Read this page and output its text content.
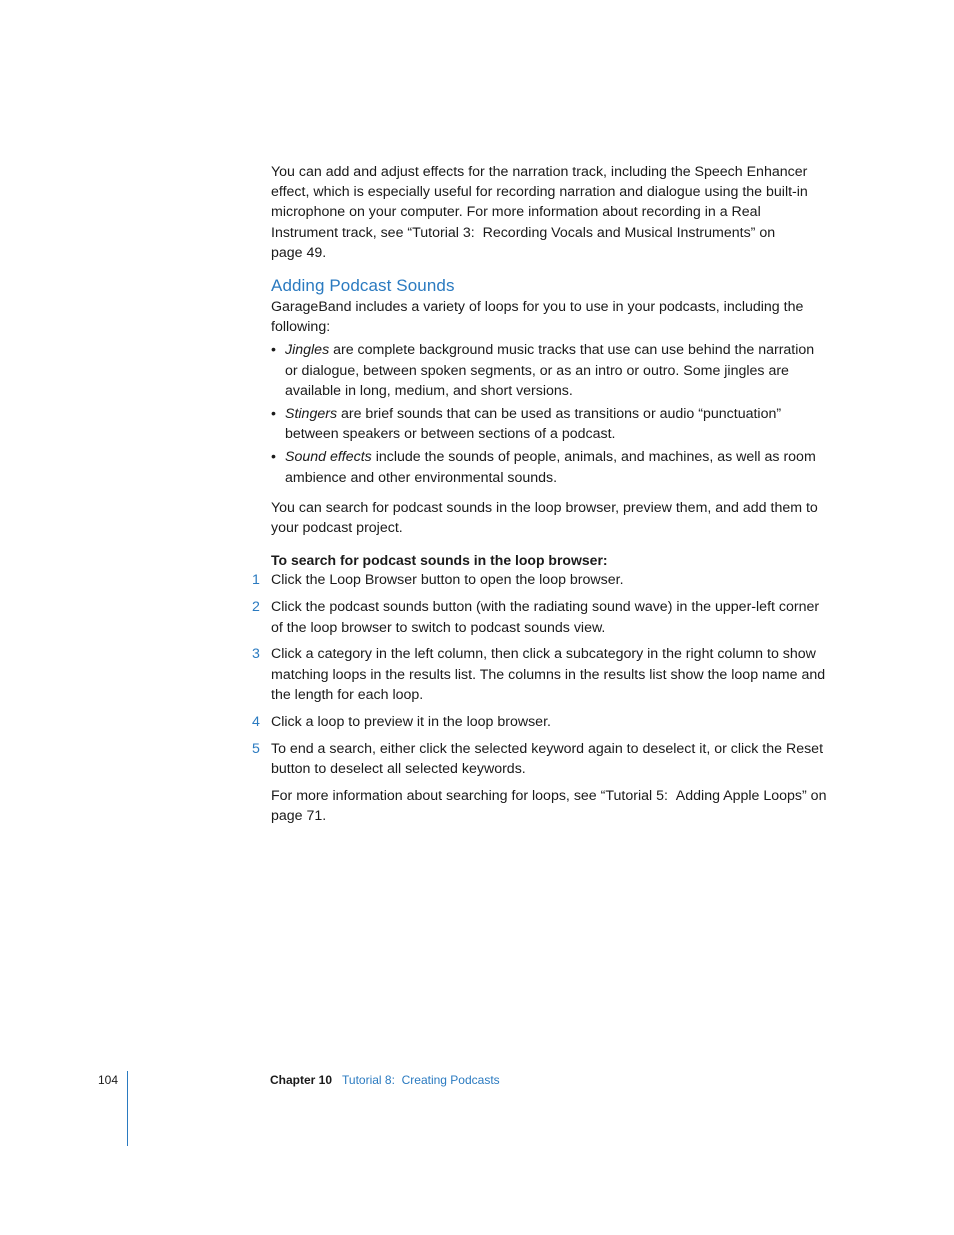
You can add and adjust effects for the narration track, including the Speech Enhancer effect, which is especially useful for recording narration and dialogue using the built-in microphone on your computer. For more information about recording in a Real Instrument track, see “Tutorial 3:  Recording Vocals and Musical Instruments” on page 49.

Adding Podcast Sounds

GarageBand includes a variety of loops for you to use in your podcasts, including the following:

• Jingles are complete background music tracks that use can use behind the narration or dialogue, between spoken segments, or as an intro or outro. Some jingles are available in long, medium, and short versions.
• Stingers are brief sounds that can be used as transitions or audio “punctuation” between speakers or between sections of a podcast.
• Sound effects include the sounds of people, animals, and machines, as well as room ambience and other environmental sounds.

You can search for podcast sounds in the loop browser, preview them, and add them to your podcast project.

To search for podcast sounds in the loop browser:

1 Click the Loop Browser button to open the loop browser.
2 Click the podcast sounds button (with the radiating sound wave) in the upper-left corner of the loop browser to switch to podcast sounds view.
3 Click a category in the left column, then click a subcategory in the right column to show matching loops in the results list. The columns in the results list show the loop name and the length for each loop.
4 Click a loop to preview it in the loop browser.
5 To end a search, either click the selected keyword again to deselect it, or click the Reset button to deselect all selected keywords.

For more information about searching for loops, see “Tutorial 5:  Adding Apple Loops” on page 71.

104	Chapter 10 Tutorial 8:  Creating Podcasts
